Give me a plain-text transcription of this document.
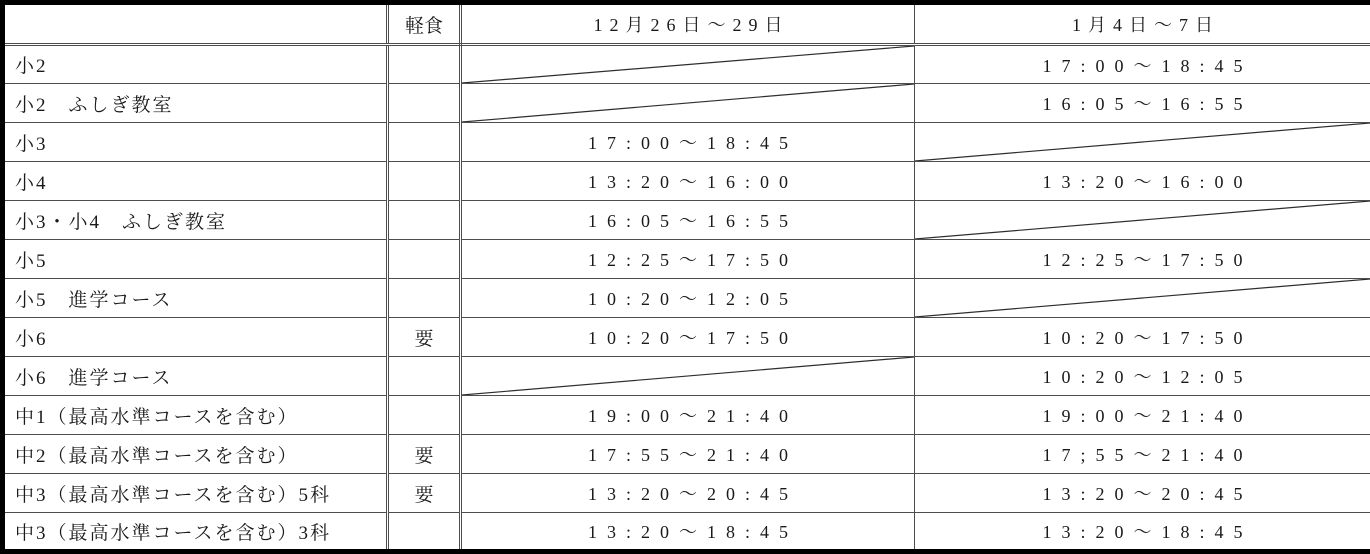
	軽食	12月26日～29日	1月4日～7日
小2			17:00～18:45
小2　ふしぎ教室			16:05～16:55
小3		17:00～18:45	

小4		13:20～16:00	13:20～16:00
小3・小4　ふしぎ教室		16:05～16:55	

小5		12:25～17:50	12:25～17:50
小5　進学コース		10:20～12:05	

小6	要	10:20～17:50	10:20～17:50
小6　進学コース			10:20～12:05
中1（最高水準コースを含む）		19:00～21:40	19:00～21:40
中2（最高水準コースを含む）	要	17:55～21:40	17;55～21:40
中3（最高水準コースを含む）5科	要	13:20～20:45	13:20～20:45
中3（最高水準コースを含む）3科		13:20～18:45	13:20～18:45
